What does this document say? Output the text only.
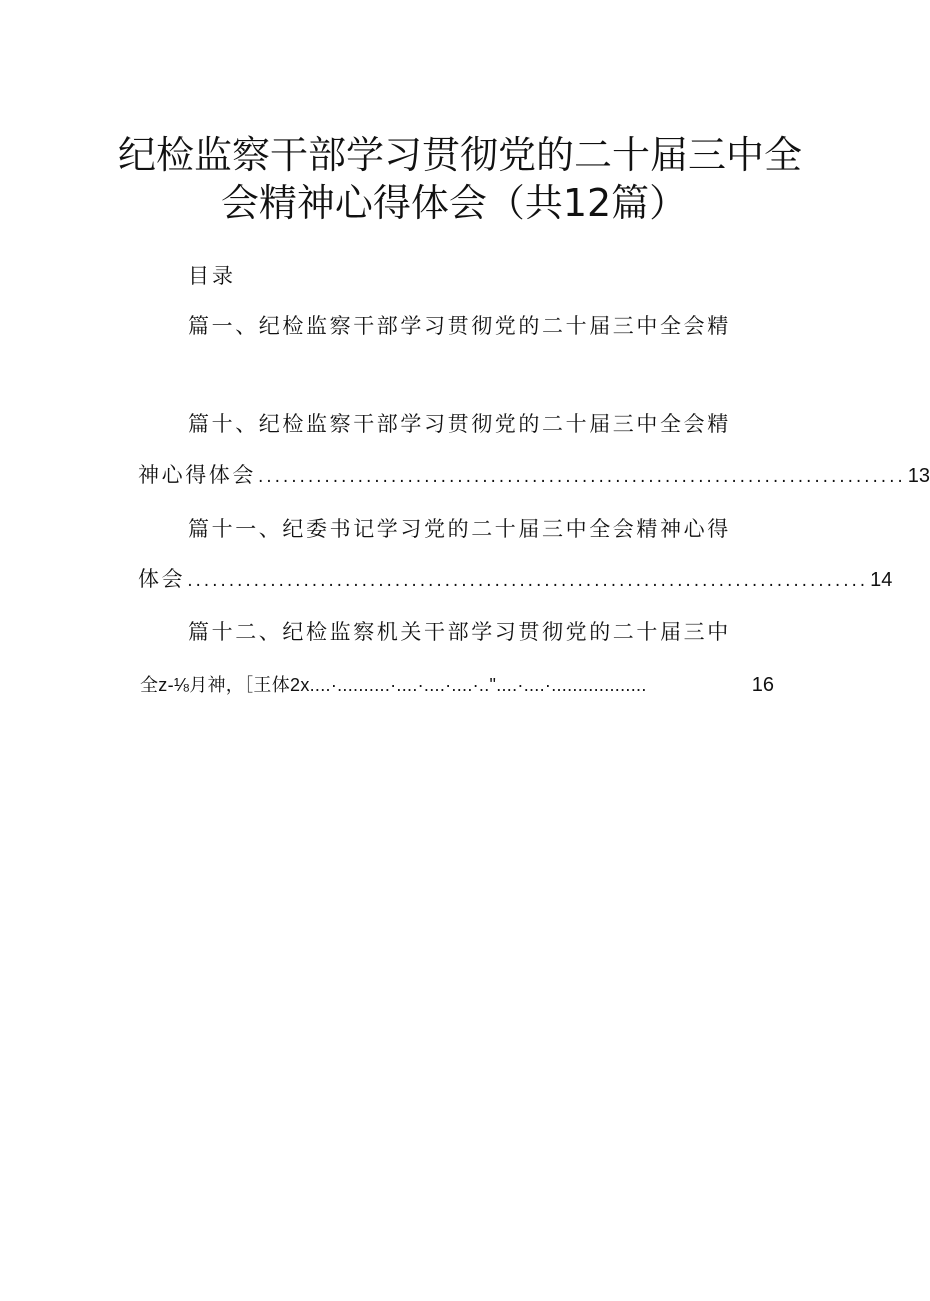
纪检监察干部学习贯彻党的二十届三中全
会精神心得体会（共12篇）
目录
篇一、纪检监察干部学习贯彻党的二十届三中全会精
篇十、纪检监察干部学习贯彻党的二十届三中全会精
神心得体会 .............................................................................. 13
篇十一、纪委书记学习党的二十届三中全会精神心得
体会 .................................................................................. 14
篇十二、纪检监察机关干部学习贯彻党的二十届三中
全z-⅛月神，［王体2x....·..........·....·....·....·.."....·....·..................	16
